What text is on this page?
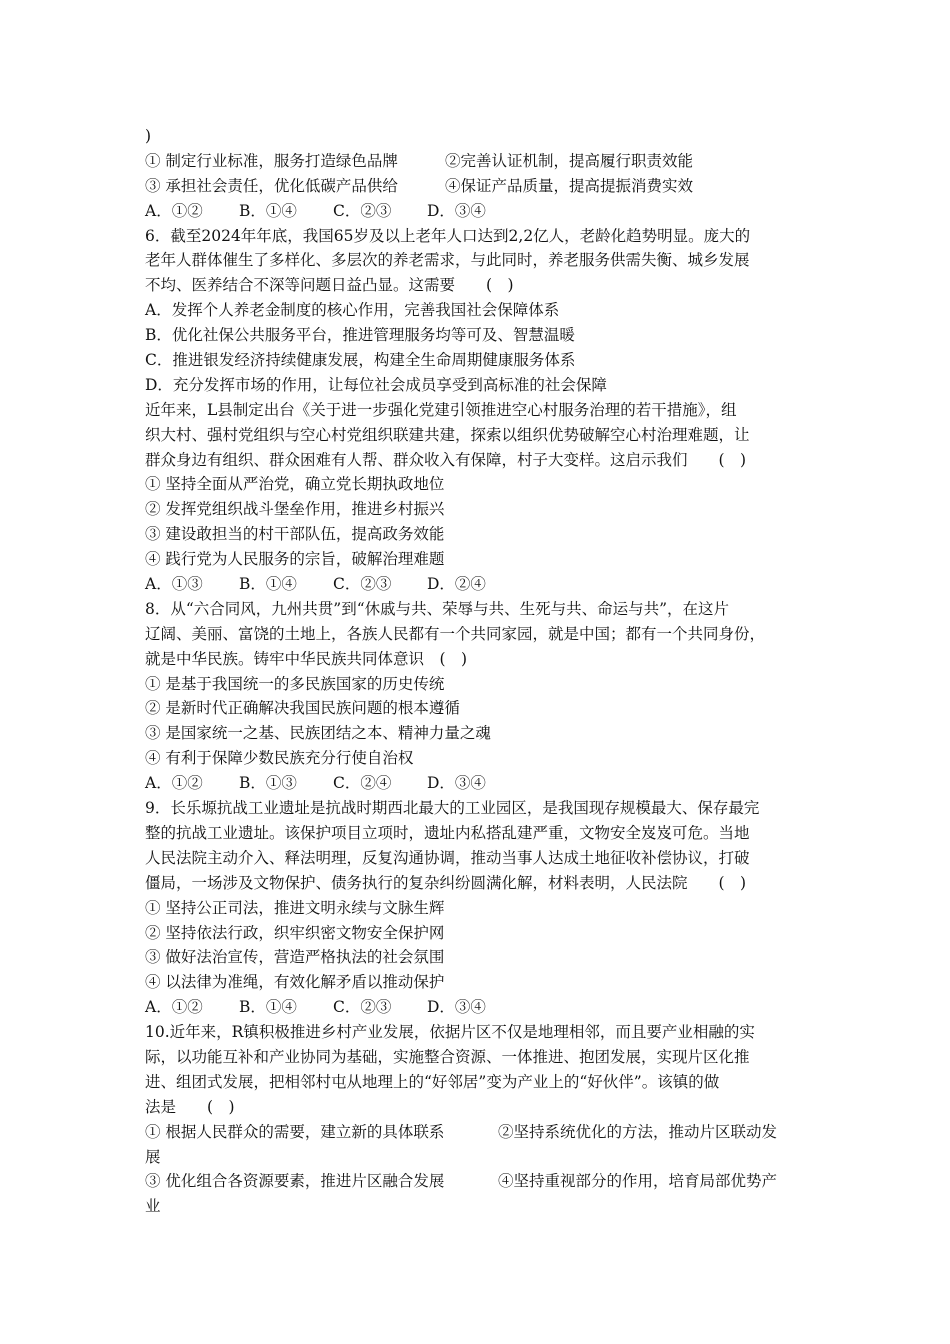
)
① 制定行业标准，服务打造绿色品牌	②完善认证机制，提高履行职责效能
③ 承担社会责任，优化低碳产品供给	④保证产品质量，提高提振消费实效
A．①② B．①④ C．②③ D．③④
6．截至2024年年底，我国65岁及以上老年人口达到2,2亿人，老龄化趋势明显。庞大的
老年人群体催生了多样化、多层次的养老需求，与此同时，养老服务供需失衡、城乡发展
不均、医养结合不深等问题日益凸显。这需要　　(　)
A．发挥个人养老金制度的核心作用，完善我国社会保障体系
B．优化社保公共服务平台，推进管理服务均等可及、智慧温暖
C．推进银发经济持续健康发展，构建全生命周期健康服务体系
D．充分发挥市场的作用，让每位社会成员享受到高标准的社会保障
近年来，L县制定出台《关于进一步强化党建引领推进空心村服务治理的若干措施》，组
织大村、强村党组织与空心村党组织联建共建，探索以组织优势破解空心村治理难题，让
群众身边有组织、群众困难有人帮、群众收入有保障，村子大变样。这启示我们　　(　)
① 坚持全面从严治党，确立党长期执政地位
② 发挥党组织战斗堡垒作用，推进乡村振兴
③ 建设敢担当的村干部队伍，提高政务效能
④ 践行党为人民服务的宗旨，破解治理难题
A．①③ B．①④ C．②③ D．②④
8．从“六合同风，九州共贯”到“休戚与共、荣辱与共、生死与共、命运与共”，在这片
辽阔、美丽、富饶的土地上，各族人民都有一个共同家园，就是中国；都有一个共同身份，
就是中华民族。铸牢中华民族共同体意识　(　)
① 是基于我国统一的多民族国家的历史传统
② 是新时代正确解决我国民族问题的根本遵循
③ 是国家统一之基、民族团结之本、精神力量之魂
④ 有利于保障少数民族充分行使自治权
A．①② B．①③ C．②④ D．③④
9．长乐塬抗战工业遗址是抗战时期西北最大的工业园区，是我国现存规模最大、保存最完
整的抗战工业遗址。该保护项目立项时，遗址内私搭乱建严重，文物安全岌岌可危。当地
人民法院主动介入、释法明理，反复沟通协调，推动当事人达成土地征收补偿协议，打破
僵局，一场涉及文物保护、债务执行的复杂纠纷圆满化解，材料表明，人民法院　　(　)
① 坚持公正司法，推进文明永续与文脉生辉
② 坚持依法行政，织牢织密文物安全保护网
③ 做好法治宣传，营造严格执法的社会氛围
④ 以法律为准绳，有效化解矛盾以推动保护
A．①② B．①④ C．②③ D．③④
10.近年来，R镇积极推进乡村产业发展，依据片区不仅是地理相邻，而且要产业相融的实
际，以功能互补和产业协同为基础，实施整合资源、一体推进、抱团发展，实现片区化推
进、组团式发展，把相邻村屯从地理上的“好邻居”变为产业上的“好伙伴”。该镇的做
法是　　(　)
① 根据人民群众的需要，建立新的具体联系	②坚持系统优化的方法，推动片区联动发
展
③ 优化组合各资源要素，推进片区融合发展	④坚持重视部分的作用，培育局部优势产
业
